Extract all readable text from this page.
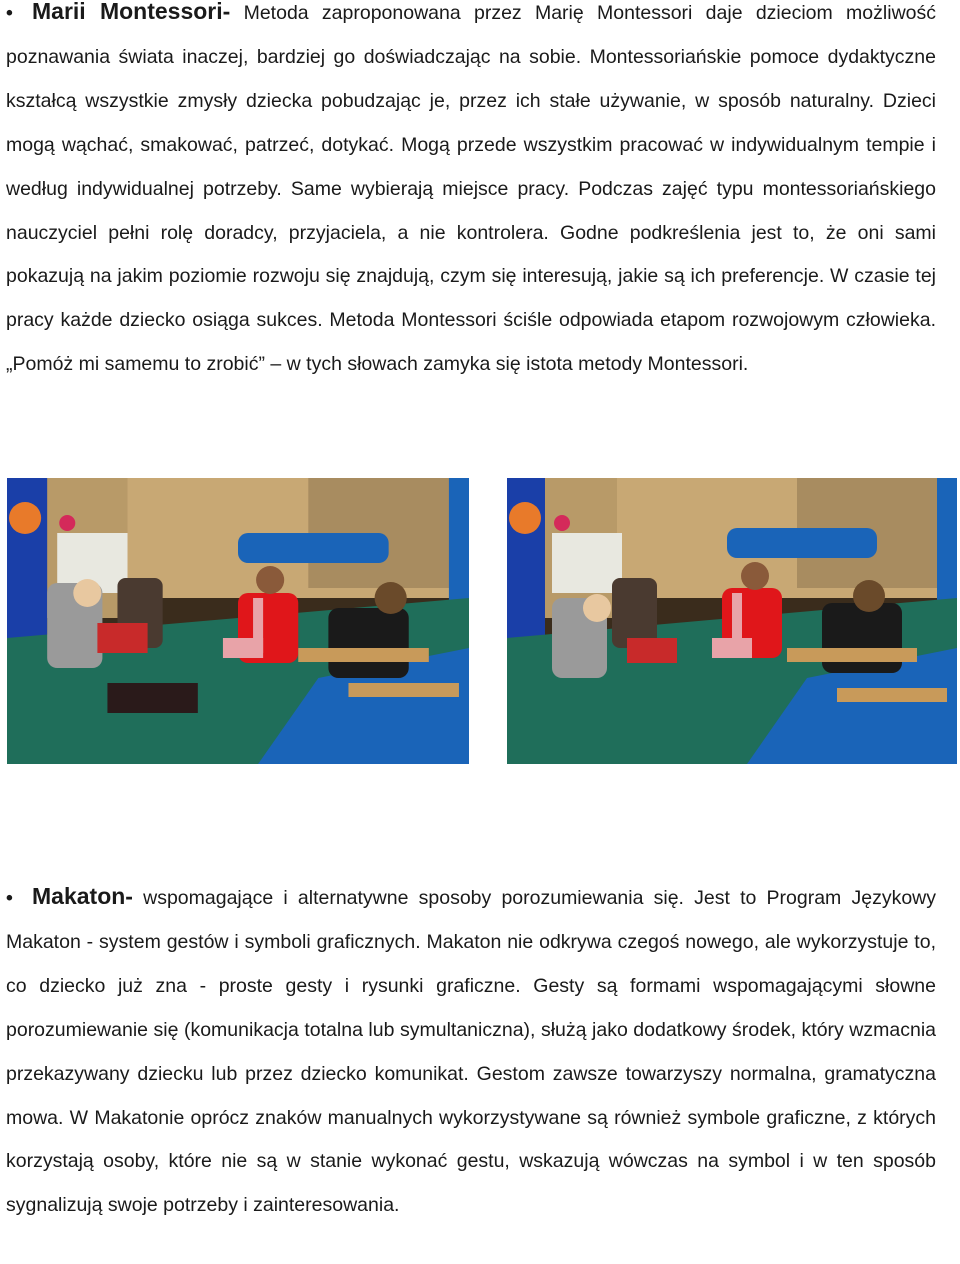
• Marii Montessori- Metoda zaproponowana przez Marię Montessori daje dzieciom możliwość poznawania świata inaczej, bardziej go doświadczając na sobie. Montessoriańskie pomoce dydaktyczne kształcą wszystkie zmysły dziecka pobudzając je, przez ich stałe używanie, w sposób naturalny. Dzieci mogą wąchać, smakować, patrzeć, dotykać. Mogą przede wszystkim pracować w indywidualnym tempie i według indywidualnej potrzeby. Same wybierają miejsce pracy. Podczas zajęć typu montessoriańskiego nauczyciel pełni rolę doradcy, przyjaciela, a nie kontrolera. Godne podkreślenia jest to, że oni sami pokazują na jakim poziomie rozwoju się znajdują, czym się interesują, jakie są ich preferencje. W czasie tej pracy każde dziecko osiąga sukces. Metoda Montessori ściśle odpowiada etapom rozwojowym człowieka. „Pomóż mi samemu to zrobić” – w tych słowach zamyka się istota metody Montessori.
• Makaton- wspomagające i alternatywne sposoby porozumiewania się. Jest to Program Językowy Makaton - system gestów i symboli graficznych. Makaton nie odkrywa czegoś nowego, ale wykorzystuje to, co dziecko już zna - proste gesty i rysunki graficzne. Gesty są formami wspomagającymi słowne porozumiewanie się (komunikacja totalna lub symultaniczna), służą jako dodatkowy środek, który wzmacnia przekazywany dziecku lub przez dziecko komunikat. Gestom zawsze towarzyszy normalna, gramatyczna mowa. W Makatonie oprócz znaków manualnych wykorzystywane są również symbole graficzne, z których korzystają osoby, które nie są w stanie wykonać gestu, wskazują wówczas na symbol i w ten sposób sygnalizują swoje potrzeby i zainteresowania.
